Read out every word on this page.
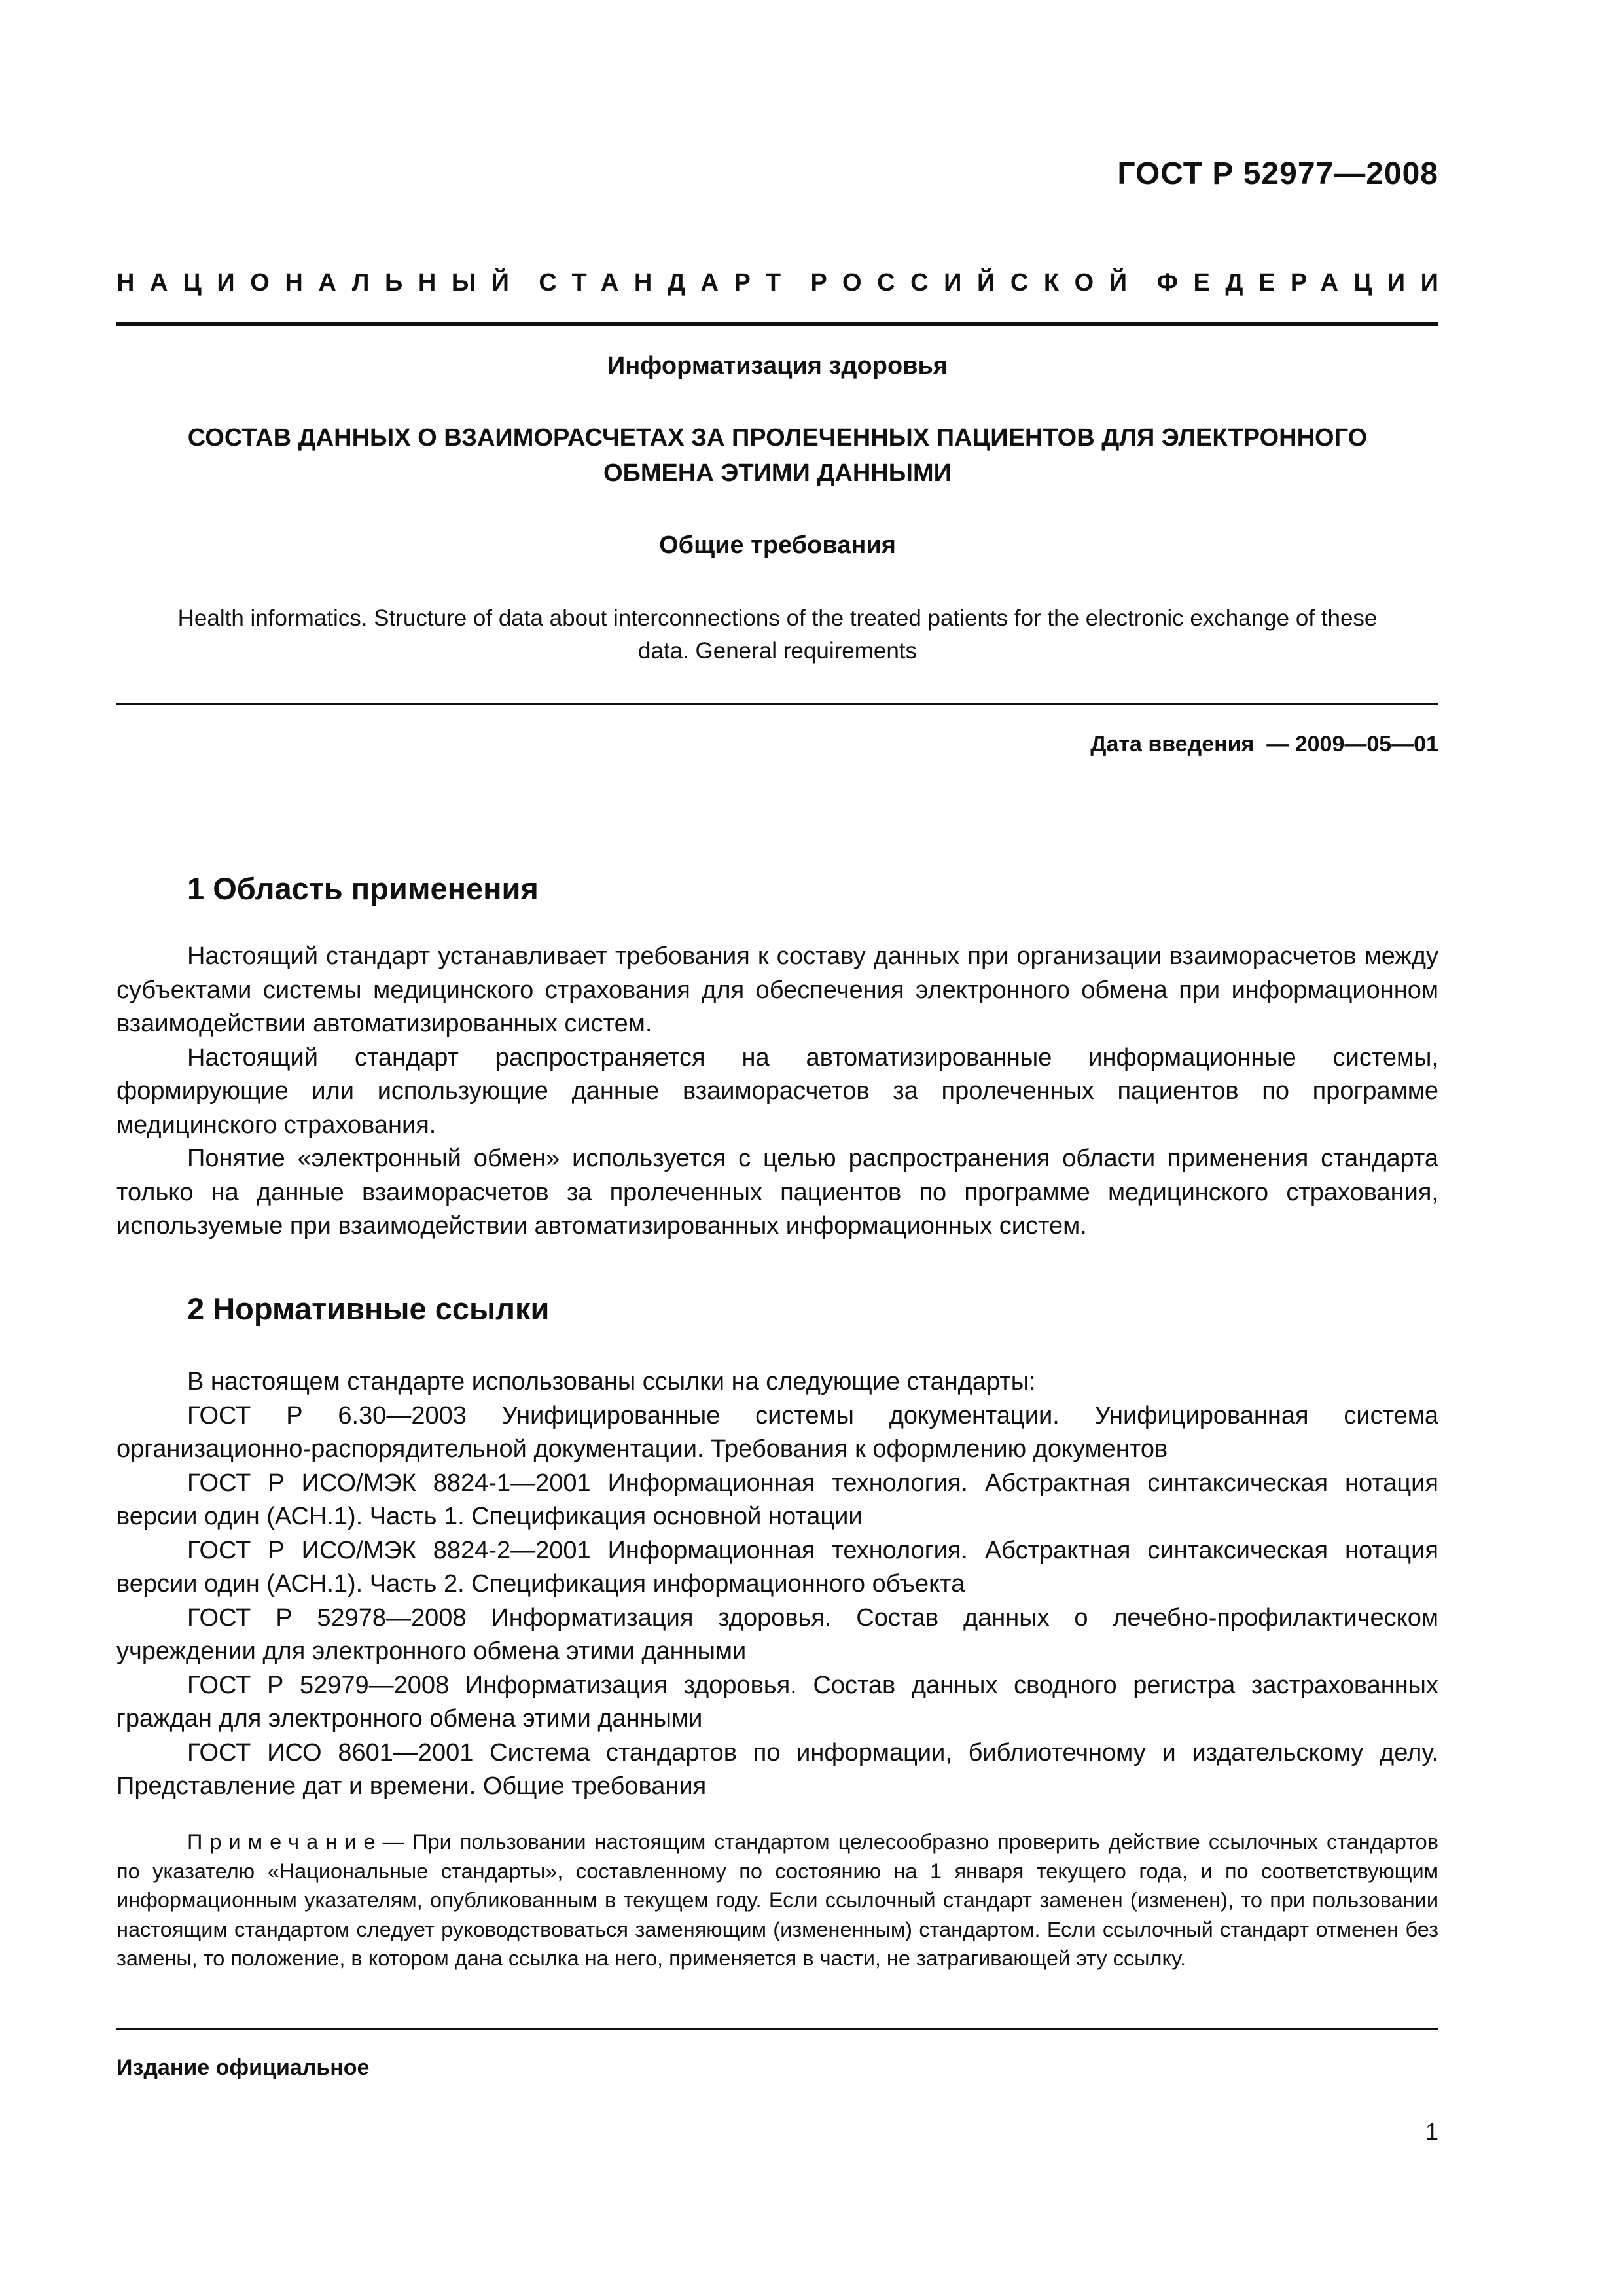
ГОСТ Р 52977—2008
НАЦИОНАЛЬНЫЙ СТАНДАРТ РОССИЙСКОЙ ФЕДЕРАЦИИ
Информатизация здоровья
СОСТАВ ДАННЫХ О ВЗАИМОРАСЧЕТАХ ЗА ПРОЛЕЧЕННЫХ ПАЦИЕНТОВ ДЛЯ ЭЛЕКТРОННОГО
ОБМЕНА ЭТИМИ ДАННЫМИ
Общие требования
Health informatics. Structure of data about interconnections of the treated patients for the electronic exchange of these
data. General requirements
Дата введения  — 2009—05—01
1 Область применения

Настоящий стандарт устанавливает требования к составу данных при организации взаиморасчетов между субъектами системы медицинского страхования для обеспечения электронного обмена при информационном взаимодействии автоматизированных систем.

Настоящий стандарт распространяется на автоматизированные информационные системы, формирующие или использующие данные взаиморасчетов за пролеченных пациентов по программе медицинского страхования.

Понятие «электронный обмен» используется с целью распространения области применения стандарта только на данные взаиморасчетов за пролеченных пациентов по программе медицинского страхования, используемые при взаимодействии автоматизированных информационных систем.

2 Нормативные ссылки

В настоящем стандарте использованы ссылки на следующие стандарты:

ГОСТ Р 6.30—2003 Унифицированные системы документации. Унифицированная система организационно-распорядительной документации. Требования к оформлению документов

ГОСТ Р ИСО/МЭК 8824-1—2001 Информационная технология. Абстрактная синтаксическая нотация версии один (АСН.1). Часть 1. Спецификация основной нотации

ГОСТ Р ИСО/МЭК 8824-2—2001 Информационная технология. Абстрактная синтаксическая нотация версии один (АСН.1). Часть 2. Спецификация информационного объекта

ГОСТ Р 52978—2008 Информатизация здоровья. Состав данных о лечебно-профилактическом учреждении для электронного обмена этими данными

ГОСТ Р 52979—2008 Информатизация здоровья. Состав данных сводного регистра застрахованных граждан для электронного обмена этими данными

ГОСТ ИСО 8601—2001 Система стандартов по информации, библиотечному и издательскому делу. Представление дат и времени. Общие требования

Примечание— При пользовании настоящим стандартом целесообразно проверить действие ссылочных стандартов по указателю «Национальные стандарты», составленному по состоянию на 1 января текущего года, и по соответствующим информационным указателям, опубликованным в текущем году. Если ссылочный стандарт заменен (изменен), то при пользовании настоящим стандартом следует руководствоваться заменяющим (измененным) стандартом. Если ссылочный стандарт отменен без замены, то положение, в котором дана ссылка на него, применяется в части, не затрагивающей эту ссылку.
Издание официальное
1
